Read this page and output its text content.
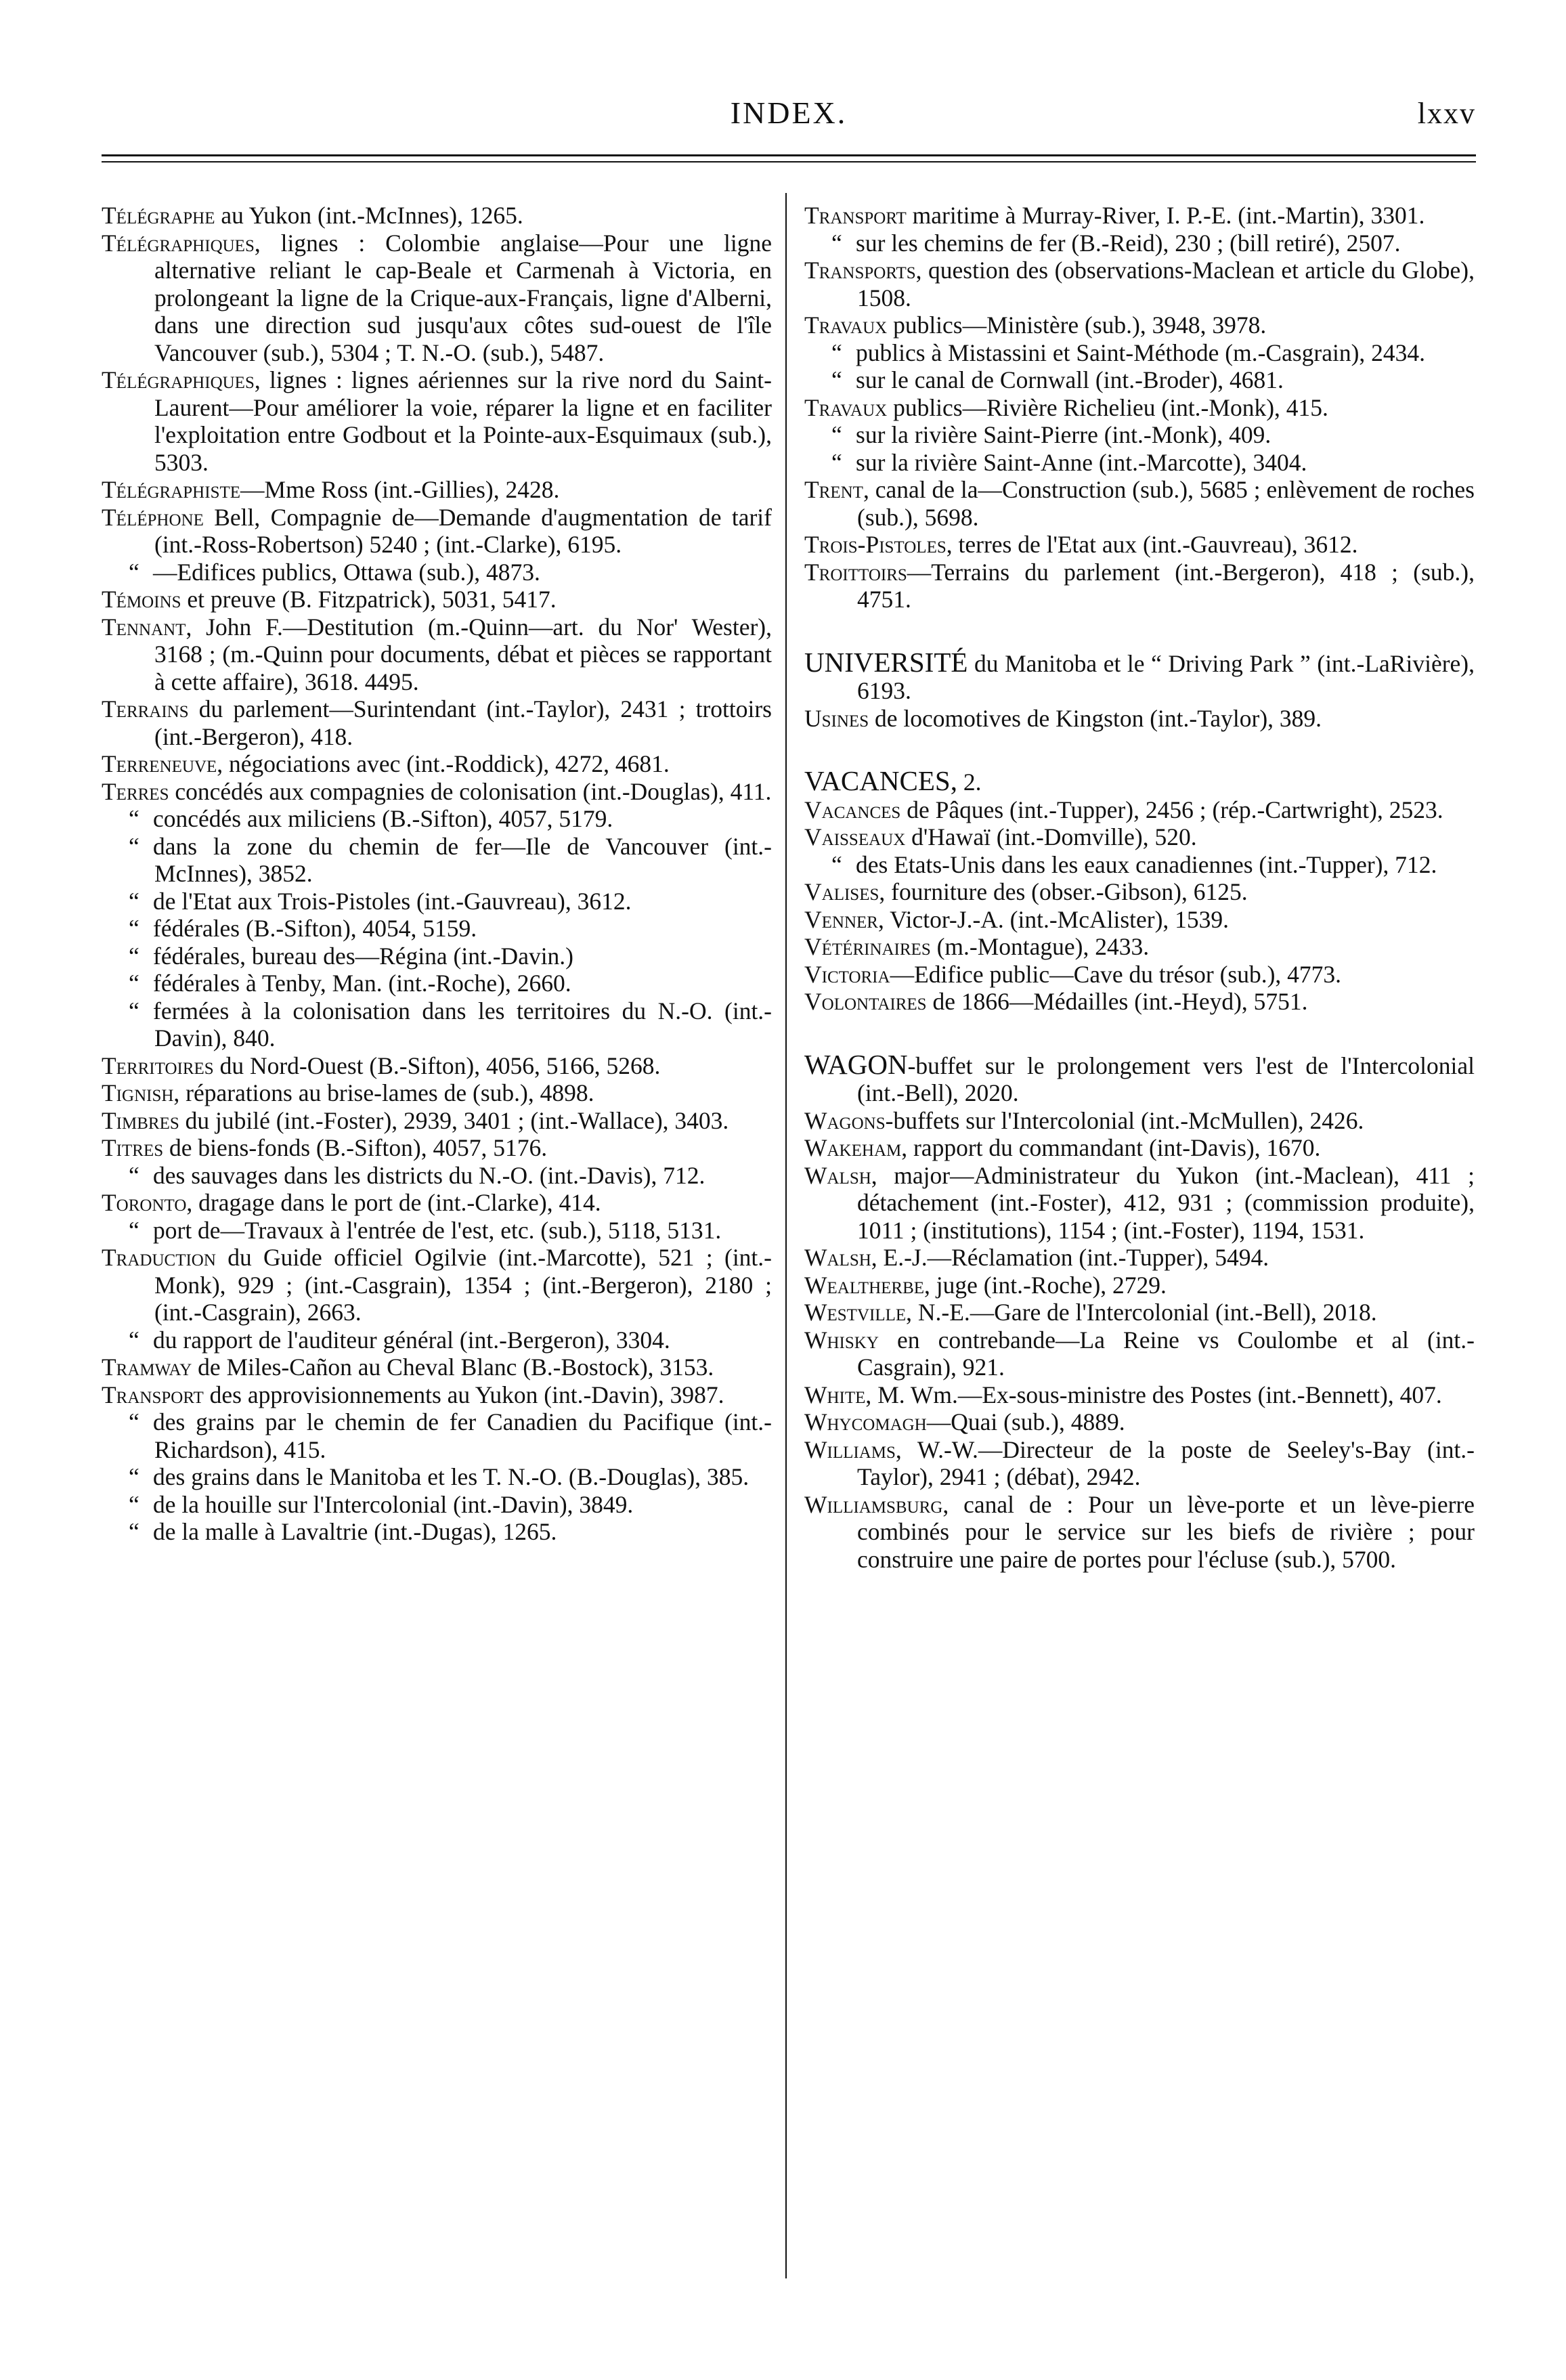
INDEX.	lxxv
Télégraphe au Yukon (int.-McInnes), 1265.
Télégraphiques, lignes : Colombie anglaise—Pour une ligne alternative reliant le cap-Beale et Carmenah à Victoria, en prolongeant la ligne de la Crique-aux-Français, ligne d'Alberni, dans une direction sud jusqu'aux côtes sud-ouest de l'île Vancouver (sub.), 5304 ; T. N.-O. (sub.), 5487.
Télégraphiques, lignes : lignes aériennes sur la rive nord du Saint-Laurent—Pour améliorer la voie, réparer la ligne et en faciliter l'exploitation entre Godbout et la Pointe-aux-Esquimaux (sub.), 5303.
Télégraphiste—Mme Ross (int.-Gillies), 2428.
Téléphone Bell, Compagnie de—Demande d'augmentation de tarif (int.-Ross-Robertson) 5240 ; (int.-Clarke), 6195.
“ —Edifices publics, Ottawa (sub.), 4873.
Témoins et preuve (B. Fitzpatrick), 5031, 5417.
Tennant, John F.—Destitution (m.-Quinn—art. du Nor' Wester), 3168 ; (m.-Quinn pour documents, débat et pièces se rapportant à cette affaire), 3618. 4495.
Terrains du parlement—Surintendant (int.-Taylor), 2431 ; trottoirs (int.-Bergeron), 418.
Terreneuve, négociations avec (int.-Roddick), 4272, 4681.
Terres concédés aux compagnies de colonisation (int.-Douglas), 411.
“ concédés aux miliciens (B.-Sifton), 4057, 5179.
“ dans la zone du chemin de fer—Ile de Vancouver (int.-McInnes), 3852.
“ de l'Etat aux Trois-Pistoles (int.-Gauvreau), 3612.
“ fédérales (B.-Sifton), 4054, 5159.
“ fédérales, bureau des—Régina (int.-Davin.)
“ fédérales à Tenby, Man. (int.-Roche), 2660.
“ fermées à la colonisation dans les territoires du N.-O. (int.-Davin), 840.
Territoires du Nord-Ouest (B.-Sifton), 4056, 5166, 5268.
Tignish, réparations au brise-lames de (sub.), 4898.
Timbres du jubilé (int.-Foster), 2939, 3401 ; (int.-Wallace), 3403.
Titres de biens-fonds (B.-Sifton), 4057, 5176.
“ des sauvages dans les districts du N.-O. (int.-Davis), 712.
Toronto, dragage dans le port de (int.-Clarke), 414.
“ port de—Travaux à l'entrée de l'est, etc. (sub.), 5118, 5131.
Traduction du Guide officiel Ogilvie (int.-Marcotte), 521 ; (int.-Monk), 929 ; (int.-Casgrain), 1354 ; (int.-Bergeron), 2180 ; (int.-Casgrain), 2663.
“ du rapport de l'auditeur général (int.-Bergeron), 3304.
Tramway de Miles-Cañon au Cheval Blanc (B.-Bostock), 3153.
Transport des approvisionnements au Yukon (int.-Davin), 3987.
“ des grains par le chemin de fer Canadien du Pacifique (int.-Richardson), 415.
“ des grains dans le Manitoba et les T. N.-O. (B.-Douglas), 385.
“ de la houille sur l'Intercolonial (int.-Davin), 3849.
“ de la malle à Lavaltrie (int.-Dugas), 1265.
Transport maritime à Murray-River, I. P.-E. (int.-Martin), 3301.
“ sur les chemins de fer (B.-Reid), 230 ; (bill retiré), 2507.
Transports, question des (observations-Maclean et article du Globe), 1508.
Travaux publics—Ministère (sub.), 3948, 3978.
“ publics à Mistassini et Saint-Méthode (m.-Casgrain), 2434.
“ sur le canal de Cornwall (int.-Broder), 4681.
Travaux publics—Rivière Richelieu (int.-Monk), 415.
“ sur la rivière Saint-Pierre (int.-Monk), 409.
“ sur la rivière Saint-Anne (int.-Marcotte), 3404.
Trent, canal de la—Construction (sub.), 5685 ; enlèvement de roches (sub.), 5698.
Trois-Pistoles, terres de l'Etat aux (int.-Gauvreau), 3612.
Troittoirs—Terrains du parlement (int.-Bergeron), 418 ; (sub.), 4751.
UNIVERSITÉ du Manitoba et le “ Driving Park ” (int.-LaRivière), 6193.
Usines de locomotives de Kingston (int.-Taylor), 389.
VACANCES, 2.
Vacances de Pâques (int.-Tupper), 2456 ; (rép.-Cartwright), 2523.
Vaisseaux d'Hawaï (int.-Domville), 520.
“ des Etats-Unis dans les eaux canadiennes (int.-Tupper), 712.
Valises, fourniture des (obser.-Gibson), 6125.
Venner, Victor-J.-A. (int.-McAlister), 1539.
Vétérinaires (m.-Montague), 2433.
Victoria—Edifice public—Cave du trésor (sub.), 4773.
Volontaires de 1866—Médailles (int.-Heyd), 5751.
WAGON-buffet sur le prolongement vers l'est de l'Intercolonial (int.-Bell), 2020.
Wagons-buffets sur l'Intercolonial (int.-McMullen), 2426.
Wakeham, rapport du commandant (int-Davis), 1670.
Walsh, major—Administrateur du Yukon (int.-Maclean), 411 ; détachement (int.-Foster), 412, 931 ; (commission produite), 1011 ; (institutions), 1154 ; (int.-Foster), 1194, 1531.
Walsh, E.-J.—Réclamation (int.-Tupper), 5494.
Wealtherbe, juge (int.-Roche), 2729.
Westville, N.-E.—Gare de l'Intercolonial (int.-Bell), 2018.
Whisky en contrebande—La Reine vs Coulombe et al (int.-Casgrain), 921.
White, M. Wm.—Ex-sous-ministre des Postes (int.-Bennett), 407.
Whycomagh—Quai (sub.), 4889.
Williams, W.-W.—Directeur de la poste de Seeley's-Bay (int.-Taylor), 2941 ; (débat), 2942.
Williamsburg, canal de : Pour un lève-porte et un lève-pierre combinés pour le service sur les biefs de rivière ; pour construire une paire de portes pour l'écluse (sub.), 5700.
